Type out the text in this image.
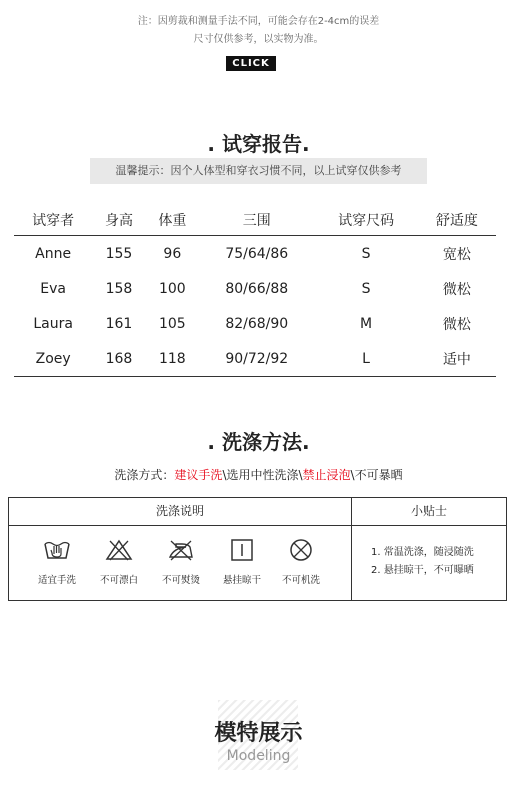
注：因剪裁和测量手法不同，可能会存在2-4cm的误差
尺寸仅供参考，以实物为准。
CLICK
. 试穿报告.
温馨提示：因个人体型和穿衣习惯不同，以上试穿仅供参考
试穿者	身高	体重	三围	试穿尺码	舒适度
Anne	155	96	75/64/86	S	宽松
Eva	158	100	80/66/88	S	微松
Laura	161	105	82/68/90	M	微松
Zoey	168	118	90/72/92	L	适中
. 洗涤方法.
洗涤方式：建议手洗\选用中性洗涤\禁止浸泡\不可暴晒
洗涤说明	小贴士
适宜手洗	不可漂白	不可熨烫	悬挂晾干	不可机洗
1. 常温洗涤，随浸随洗
2. 悬挂晾干，不可曝晒
模特展示
Modeling
